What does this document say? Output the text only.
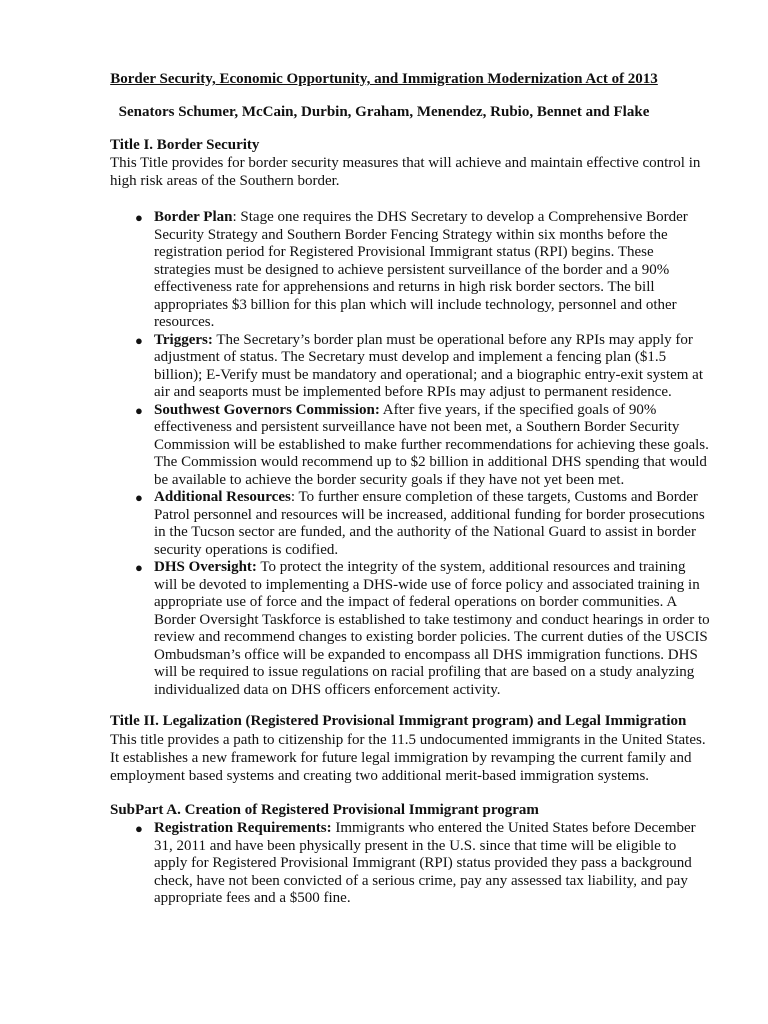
Border Security, Economic Opportunity, and Immigration Modernization Act of 2013
Senators Schumer, McCain, Durbin, Graham, Menendez, Rubio, Bennet and Flake
Title I. Border Security
This Title provides for border security measures that will achieve and maintain effective control in
high risk areas of the Southern border.
● Border Plan: Stage one requires the DHS Secretary to develop a Comprehensive Border
Security Strategy and Southern Border Fencing Strategy within six months before the
registration period for Registered Provisional Immigrant status (RPI) begins. These
strategies must be designed to achieve persistent surveillance of the border and a 90%
effectiveness rate for apprehensions and returns in high risk border sectors. The bill
appropriates $3 billion for this plan which will include technology, personnel and other
resources.
● Triggers: The Secretary’s border plan must be operational before any RPIs may apply for
adjustment of status. The Secretary must develop and implement a fencing plan ($1.5
billion); E-Verify must be mandatory and operational; and a biographic entry-exit system at
air and seaports must be implemented before RPIs may adjust to permanent residence.
● Southwest Governors Commission: After five years, if the specified goals of 90%
effectiveness and persistent surveillance have not been met, a Southern Border Security
Commission will be established to make further recommendations for achieving these goals.
The Commission would recommend up to $2 billion in additional DHS spending that would
be available to achieve the border security goals if they have not yet been met.
● Additional Resources: To further ensure completion of these targets, Customs and Border
Patrol personnel and resources will be increased, additional funding for border prosecutions
in the Tucson sector are funded, and the authority of the National Guard to assist in border
security operations is codified.
● DHS Oversight: To protect the integrity of the system, additional resources and training
will be devoted to implementing a DHS-wide use of force policy and associated training in
appropriate use of force and the impact of federal operations on border communities. A
Border Oversight Taskforce is established to take testimony and conduct hearings in order to
review and recommend changes to existing border policies. The current duties of the USCIS
Ombudsman’s office will be expanded to encompass all DHS immigration functions. DHS
will be required to issue regulations on racial profiling that are based on a study analyzing
individualized data on DHS officers enforcement activity.
Title II. Legalization (Registered Provisional Immigrant program) and Legal Immigration
This title provides a path to citizenship for the 11.5 undocumented immigrants in the United States.
It establishes a new framework for future legal immigration by revamping the current family and
employment based systems and creating two additional merit-based immigration systems.
SubPart A. Creation of Registered Provisional Immigrant program
● Registration Requirements: Immigrants who entered the United States before December
31, 2011 and have been physically present in the U.S. since that time will be eligible to
apply for Registered Provisional Immigrant (RPI) status provided they pass a background
check, have not been convicted of a serious crime, pay any assessed tax liability, and pay
appropriate fees and a $500 fine.
